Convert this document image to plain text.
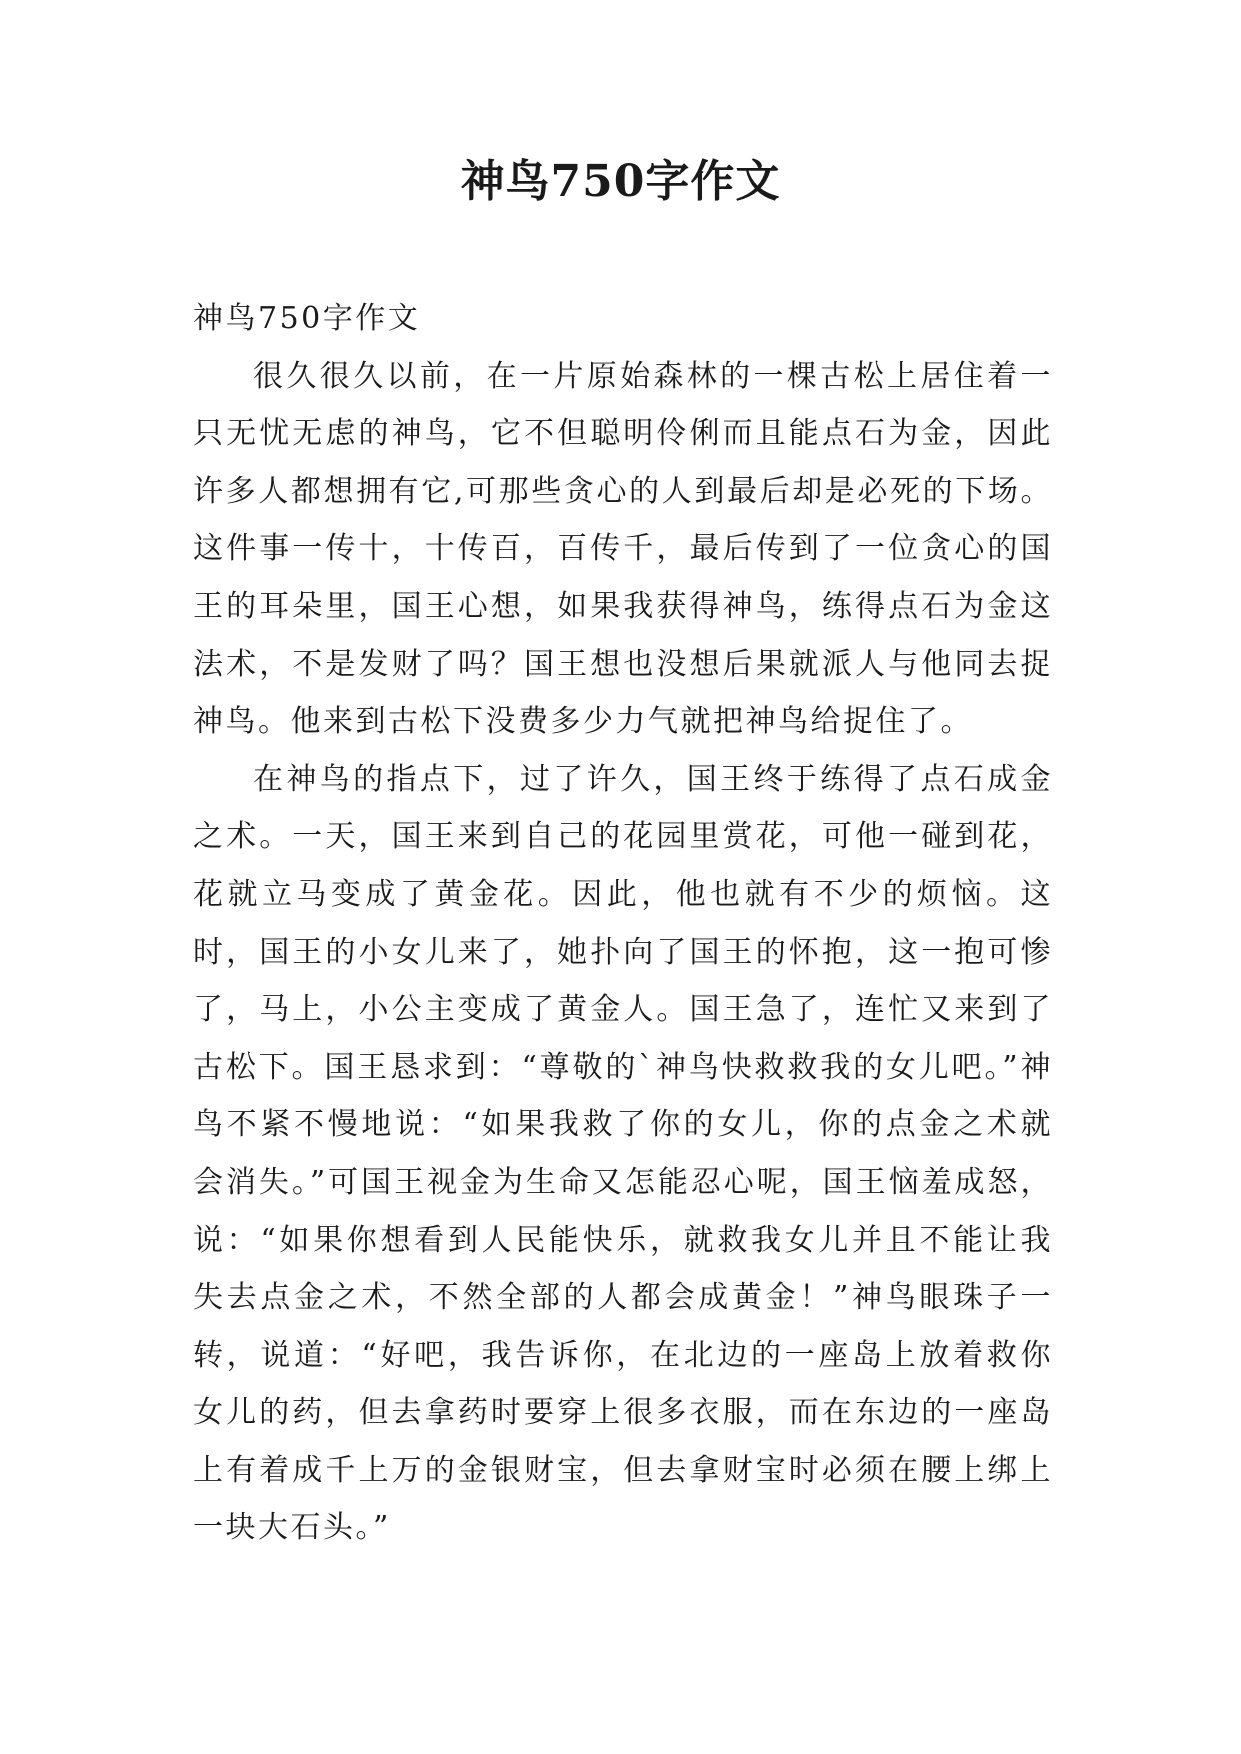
神鸟750字作文

神鸟750字作文

很久很久以前，在一片原始森林的一棵古松上居住着一只无忧无虑的神鸟，它不但聪明伶俐而且能点石为金，因此许多人都想拥有它,可那些贪心的人到最后却是必死的下场。这件事一传十，十传百，百传千，最后传到了一位贪心的国王的耳朵里，国王心想，如果我获得神鸟，练得点石为金这法术，不是发财了吗？国王想也没想后果就派人与他同去捉神鸟。他来到古松下没费多少力气就把神鸟给捉住了。

在神鸟的指点下，过了许久，国王终于练得了点石成金之术。一天，国王来到自己的花园里赏花，可他一碰到花，花就立马变成了黄金花。因此，他也就有不少的烦恼。这时，国王的小女儿来了，她扑向了国王的怀抱，这一抱可惨了，马上，小公主变成了黄金人。国王急了，连忙又来到了古松下。国王恳求到：“尊敬的`神鸟快救救我的女儿吧。”神鸟不紧不慢地说：“如果我救了你的女儿，你的点金之术就会消失。”可国王视金为生命又怎能忍心呢，国王恼羞成怒，说：“如果你想看到人民能快乐，就救我女儿并且不能让我失去点金之术，不然全部的人都会成黄金！”神鸟眼珠子一转，说道：“好吧，我告诉你，在北边的一座岛上放着救你女儿的药，但去拿药时要穿上很多衣服，而在东边的一座岛上有着成千上万的金银财宝，但去拿财宝时必须在腰上绑上一块大石头。”
